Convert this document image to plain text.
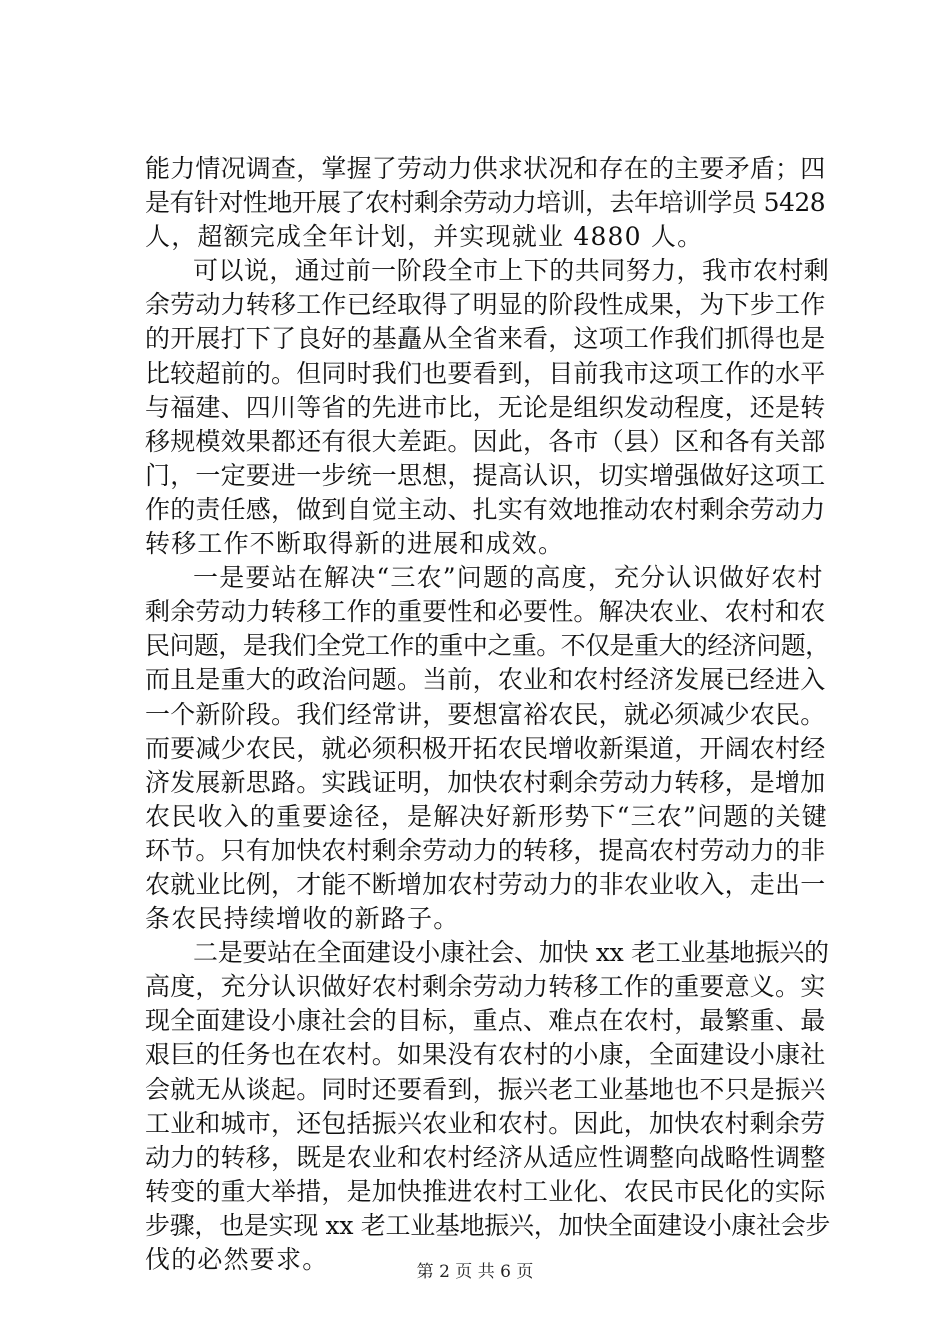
能力情况调查，掌握了劳动力供求状况和存在的主要矛盾；四
是有针对性地开展了农村剩余劳动力培训，去年培训学员 5428
人，超额完成全年计划，并实现就业 4880 人。
可以说，通过前一阶段全市上下的共同努力，我市农村剩
余劳动力转移工作已经取得了明显的阶段性成果，为下步工作
的开展打下了良好的基矗从全省来看，这项工作我们抓得也是
比较超前的。但同时我们也要看到，目前我市这项工作的水平
与福建、四川等省的先进市比，无论是组织发动程度，还是转
移规模效果都还有很大差距。因此，各市（县）区和各有关部
门，一定要进一步统一思想，提高认识，切实增强做好这项工
作的责任感，做到自觉主动、扎实有效地推动农村剩余劳动力
转移工作不断取得新的进展和成效。
一是要站在解决“三农”问题的高度，充分认识做好农村
剩余劳动力转移工作的重要性和必要性。解决农业、农村和农
民问题，是我们全党工作的重中之重。不仅是重大的经济问题，
而且是重大的政治问题。当前，农业和农村经济发展已经进入
一个新阶段。我们经常讲，要想富裕农民，就必须减少农民。
而要减少农民，就必须积极开拓农民增收新渠道，开阔农村经
济发展新思路。实践证明，加快农村剩余劳动力转移，是增加
农民收入的重要途径，是解决好新形势下“三农”问题的关键
环节。只有加快农村剩余劳动力的转移，提高农村劳动力的非
农就业比例，才能不断增加农村劳动力的非农业收入，走出一
条农民持续增收的新路子。
二是要站在全面建设小康社会、加快 xx 老工业基地振兴的
高度，充分认识做好农村剩余劳动力转移工作的重要意义。实
现全面建设小康社会的目标，重点、难点在农村，最繁重、最
艰巨的任务也在农村。如果没有农村的小康，全面建设小康社
会就无从谈起。同时还要看到，振兴老工业基地也不只是振兴
工业和城市，还包括振兴农业和农村。因此，加快农村剩余劳
动力的转移，既是农业和农村经济从适应性调整向战略性调整
转变的重大举措，是加快推进农村工业化、农民市民化的实际
步骤，也是实现 xx 老工业基地振兴，加快全面建设小康社会步
伐的必然要求。	第 2 页 共 6 页
